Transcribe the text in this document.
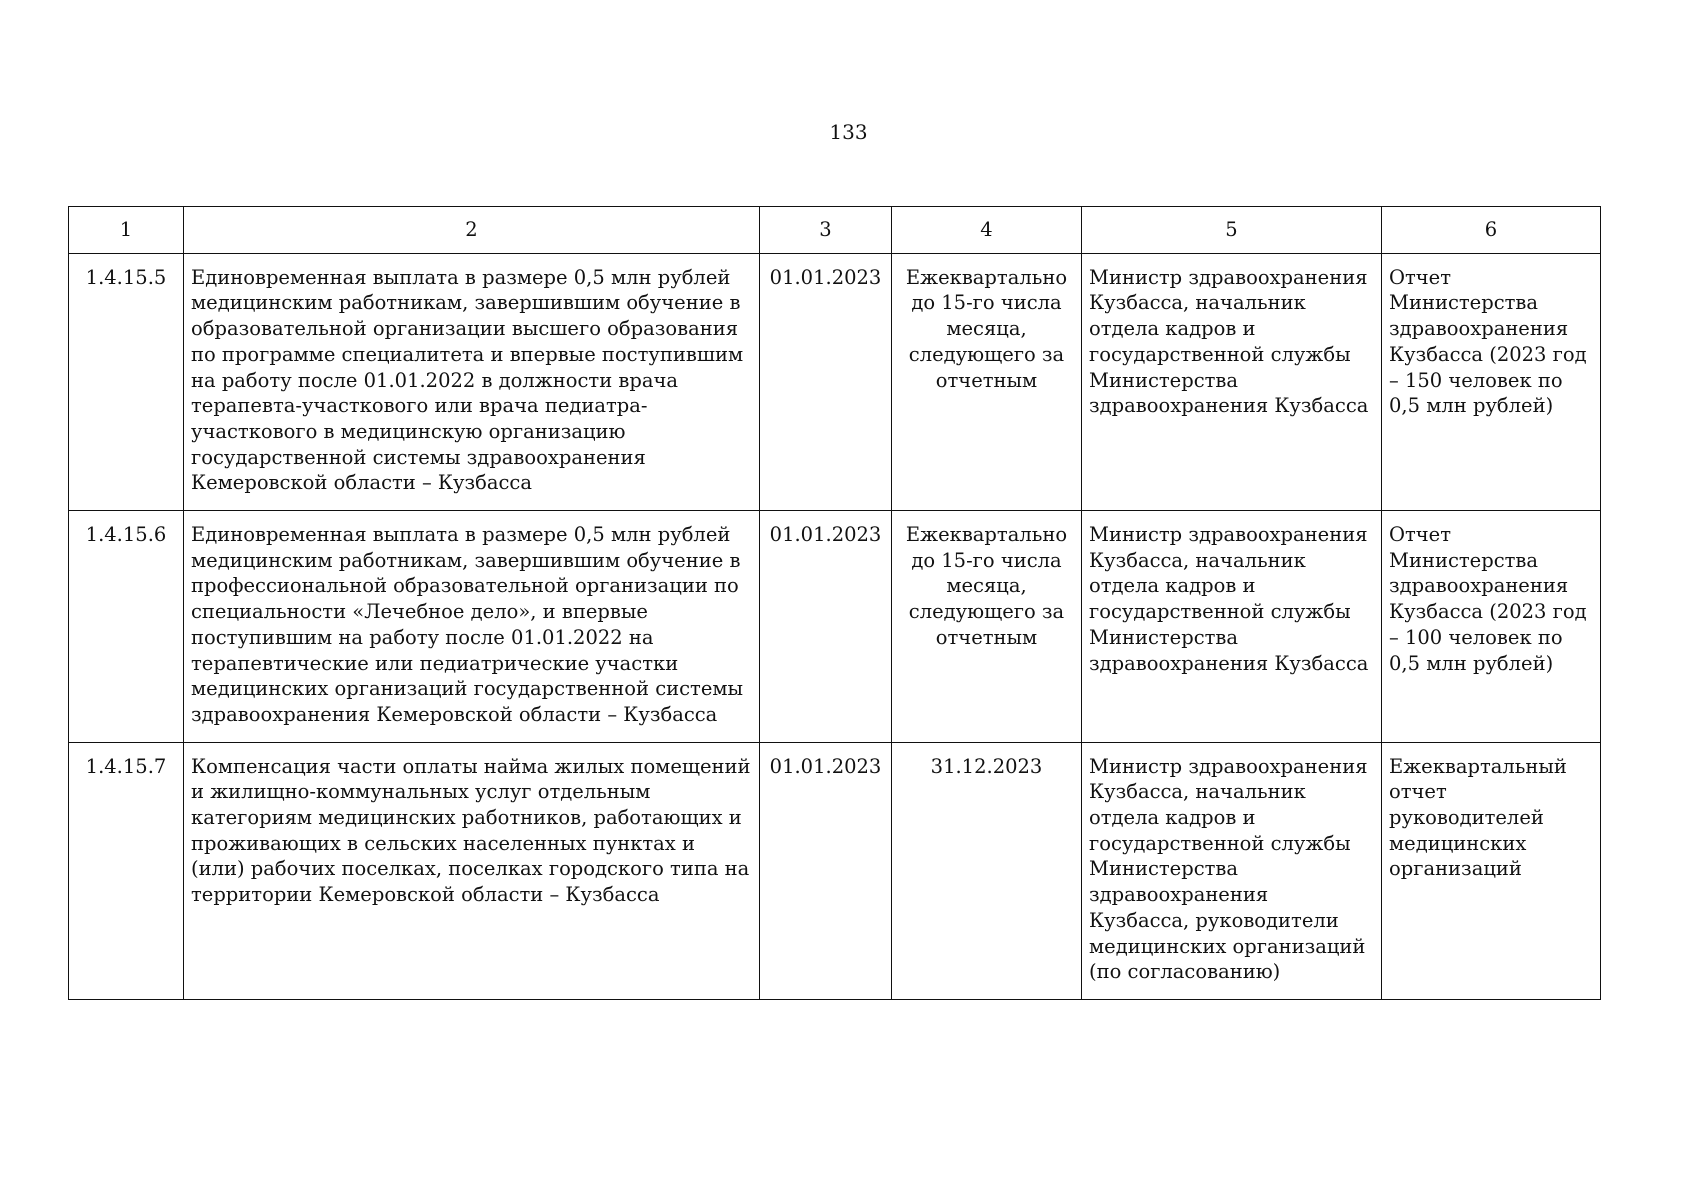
133
1	2	3	4	5	6
1.4.15.5	Единовременная выплата в размере 0,5 млн рублей медицинским работникам, завершившим обучение в образовательной организации высшего образования по программе специалитета и впервые поступившим на работу после 01.01.2022 в должности врача терапевта-участкового или врача педиатра-участкового в медицинскую организацию государственной системы здравоохранения Кемеровской области – Кузбасса	01.01.2023	Ежеквартально до 15-го числа месяца, следующего за отчетным	Министр здравоохранения Кузбасса, начальник отдела кадров и государственной службы Министерства здравоохранения Кузбасса	Отчет Министерства здравоохранения Кузбасса (2023 год – 150 человек по 0,5 млн рублей)
1.4.15.6	Единовременная выплата в размере 0,5 млн рублей медицинским работникам, завершившим обучение в профессиональной образовательной организации по специальности «Лечебное дело», и впервые поступившим на работу после 01.01.2022 на терапевтические или педиатрические участки медицинских организаций государственной системы здравоохранения Кемеровской области – Кузбасса	01.01.2023	Ежеквартально до 15-го числа месяца, следующего за отчетным	Министр здравоохранения Кузбасса, начальник отдела кадров и государственной службы Министерства здравоохранения Кузбасса	Отчет Министерства здравоохранения Кузбасса (2023 год – 100 человек по 0,5 млн рублей)
1.4.15.7	Компенсация части оплаты найма жилых помещений и жилищно-коммунальных услуг отдельным категориям медицинских работников, работающих и проживающих в сельских населенных пунктах и (или) рабочих поселках, поселках городского типа на территории Кемеровской области – Кузбасса	01.01.2023	31.12.2023	Министр здравоохранения Кузбасса, начальник отдела кадров и государственной службы Министерства здравоохранения Кузбасса, руководители медицинских организаций (по согласованию)	Ежеквартальный отчет руководителей медицинских организаций
